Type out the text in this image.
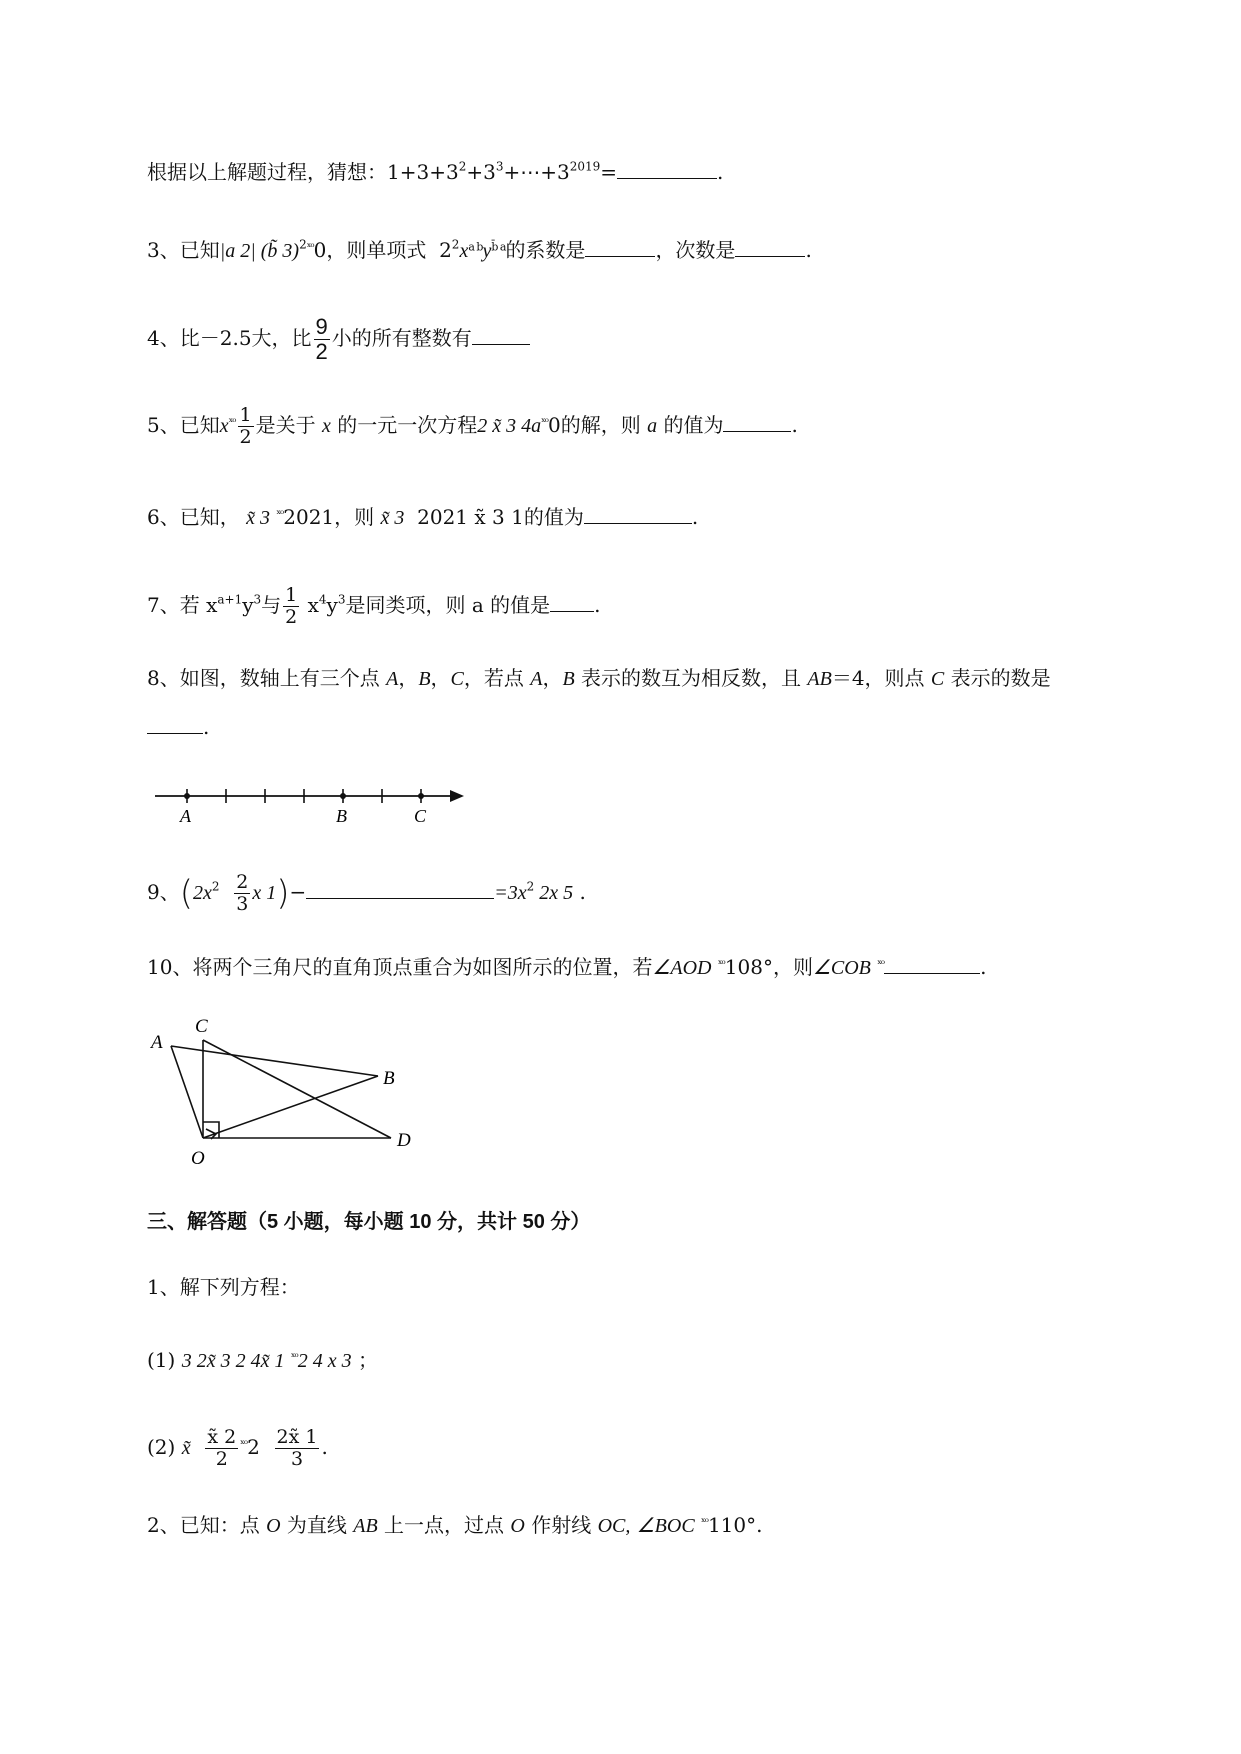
根据以上解题过程，猜想：$1+3+3^2+3^3+\cdots+3^{2019}=$	.
3、已知|a 2| (b̃ 3)$^{2ˣᵒ}$0，则单项式 $2^2x^{a b}y^{b̄ a}$的系数是	，次数是	.
4、比－2.5大，比 $\frac{9}{2}$ 小的所有整数有
5、已知$x^{ˣᵒ} \frac{1}{2}$ 是关于 x 的一元一次方程2 x̃ 3 $4a^{ˣᵒ}0$的解，则 a 的值为	.
6、已知， x̃ 3 $^{ˣᵒ}$2021，则 x̃ 3 2021 x̃ 3 1的值为	.
7、若 $x^{a+1}y^3$与 $\frac{1}{2} x^4y^3$是同类项，则 a 的值是 .
8、如图，数轴上有三个点 A，B，C，若点 A，B 表示的数互为相反数，且 AB＝4，则点 C 表示的数是
.
A	B	C
9、($2x^2 \frac{2}{3}$ x 1)−	$=3x^2$ 2x 5 .
10、将两个三角尺的直角顶点重合为如图所示的位置，若∠AOD $^{ˣᵒ}$108°，则∠COB $^{ˣᵒ}$	.
A
C
B
O
D
三、解答题（5 小题，每小题 10 分，共计 50 分）
1、解下列方程：
(1) 3 2x̃ 3 2 4x̃ 1 $^{ˣᵒ}$2 4 x 3 ；
(2) x̃ $\frac{x̃ 2}{2} ^{ˣᵒ}2 \frac{2x̃ 1}{3}$ .
2、已知：点 O 为直线 AB 上一点，过点 O 作射线 OC, ∠BOC $^{ˣᵒ}$110°.
